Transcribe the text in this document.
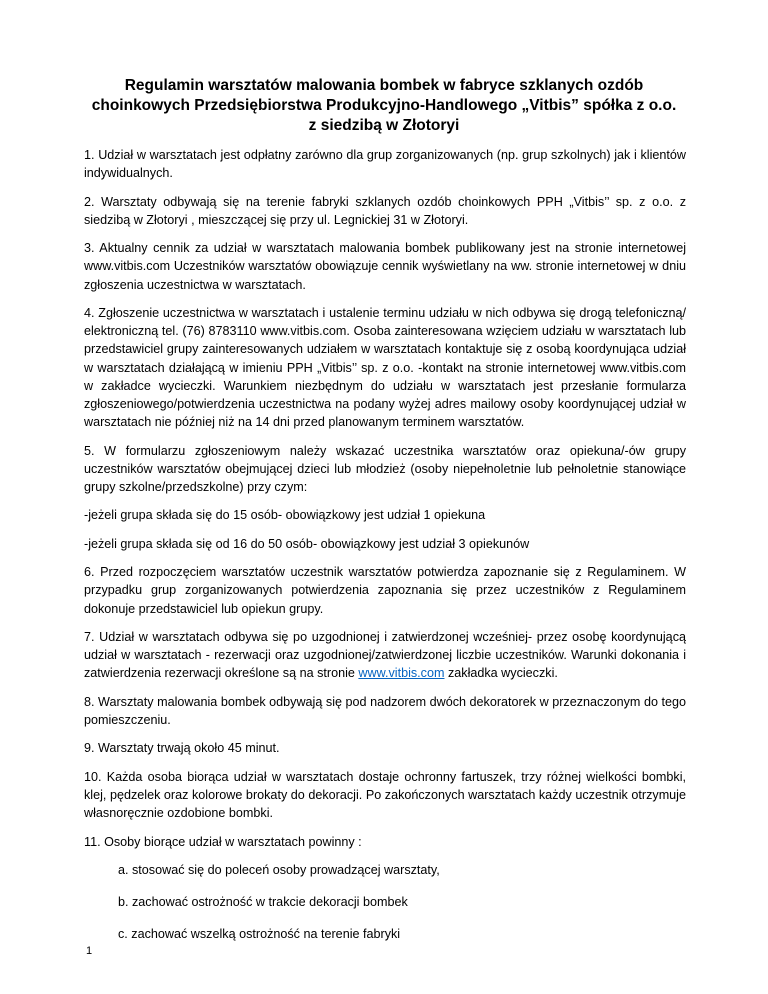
Regulamin warsztatów malowania bombek w fabryce szklanych ozdób choinkowych Przedsiębiorstwa Produkcyjno-Handlowego „Vitbis” spółka z o.o. z siedzibą w Złotoryi

1. Udział w warsztatach jest odpłatny zarówno dla grup zorganizowanych (np. grup szkolnych) jak i klientów indywidualnych.

2. Warsztaty odbywają się na terenie fabryki szklanych ozdób choinkowych PPH „Vitbis’’ sp. z o.o. z siedzibą w Złotoryi , mieszczącej się przy ul. Legnickiej 31 w Złotoryi.

3. Aktualny cennik za udział w warsztatach malowania bombek publikowany jest na stronie internetowej www.vitbis.com Uczestników warsztatów obowiązuje cennik wyświetlany na ww. stronie internetowej w dniu zgłoszenia uczestnictwa w warsztatach.

4. Zgłoszenie uczestnictwa w warsztatach i ustalenie terminu udziału w nich odbywa się drogą telefoniczną/ elektroniczną tel. (76) 8783110 www.vitbis.com. Osoba zainteresowana wzięciem udziału w warsztatach lub przedstawiciel grupy zainteresowanych udziałem w warsztatach kontaktuje się z osobą koordynująca udział w warsztatach działającą w imieniu PPH „Vitbis’’ sp. z o.o. -kontakt na stronie internetowej www.vitbis.com w zakładce wycieczki. Warunkiem niezbędnym do udziału w warsztatach jest przesłanie formularza zgłoszeniowego/potwierdzenia uczestnictwa na podany wyżej adres mailowy osoby koordynującej udział w warsztatach nie później niż na 14 dni przed planowanym terminem warsztatów.

5. W formularzu zgłoszeniowym należy wskazać uczestnika warsztatów oraz opiekuna/-ów grupy uczestników warsztatów obejmującej dzieci lub młodzież (osoby niepełnoletnie lub pełnoletnie stanowiące grupy szkolne/przedszkolne) przy czym:

-jeżeli grupa składa się do 15 osób- obowiązkowy jest udział 1 opiekuna

-jeżeli grupa składa się od 16 do 50 osób- obowiązkowy jest udział 3 opiekunów

6. Przed rozpoczęciem warsztatów uczestnik warsztatów potwierdza zapoznanie się z Regulaminem. W przypadku grup zorganizowanych potwierdzenia zapoznania się przez uczestników z Regulaminem dokonuje przedstawiciel lub opiekun grupy.

7. Udział w warsztatach odbywa się po uzgodnionej i zatwierdzonej wcześniej- przez osobę koordynującą udział w warsztatach - rezerwacji oraz uzgodnionej/zatwierdzonej liczbie uczestników. Warunki dokonania i zatwierdzenia rezerwacji określone są na stronie www.vitbis.com zakładka wycieczki.

8. Warsztaty malowania bombek odbywają się pod nadzorem dwóch dekoratorek w przeznaczonym do tego pomieszczeniu.

9. Warsztaty trwają około 45 minut.

10. Każda osoba biorąca udział w warsztatach dostaje ochronny fartuszek, trzy różnej wielkości bombki, klej, pędzelek oraz kolorowe brokaty do dekoracji. Po zakończonych warsztatach każdy uczestnik otrzymuje własnoręcznie ozdobione bombki.

11. Osoby biorące udział w warsztatach powinny :

a. stosować się do poleceń osoby prowadzącej warsztaty,

b. zachować ostrożność w trakcie dekoracji bombek

c. zachować wszelką ostrożność na terenie fabryki

1
